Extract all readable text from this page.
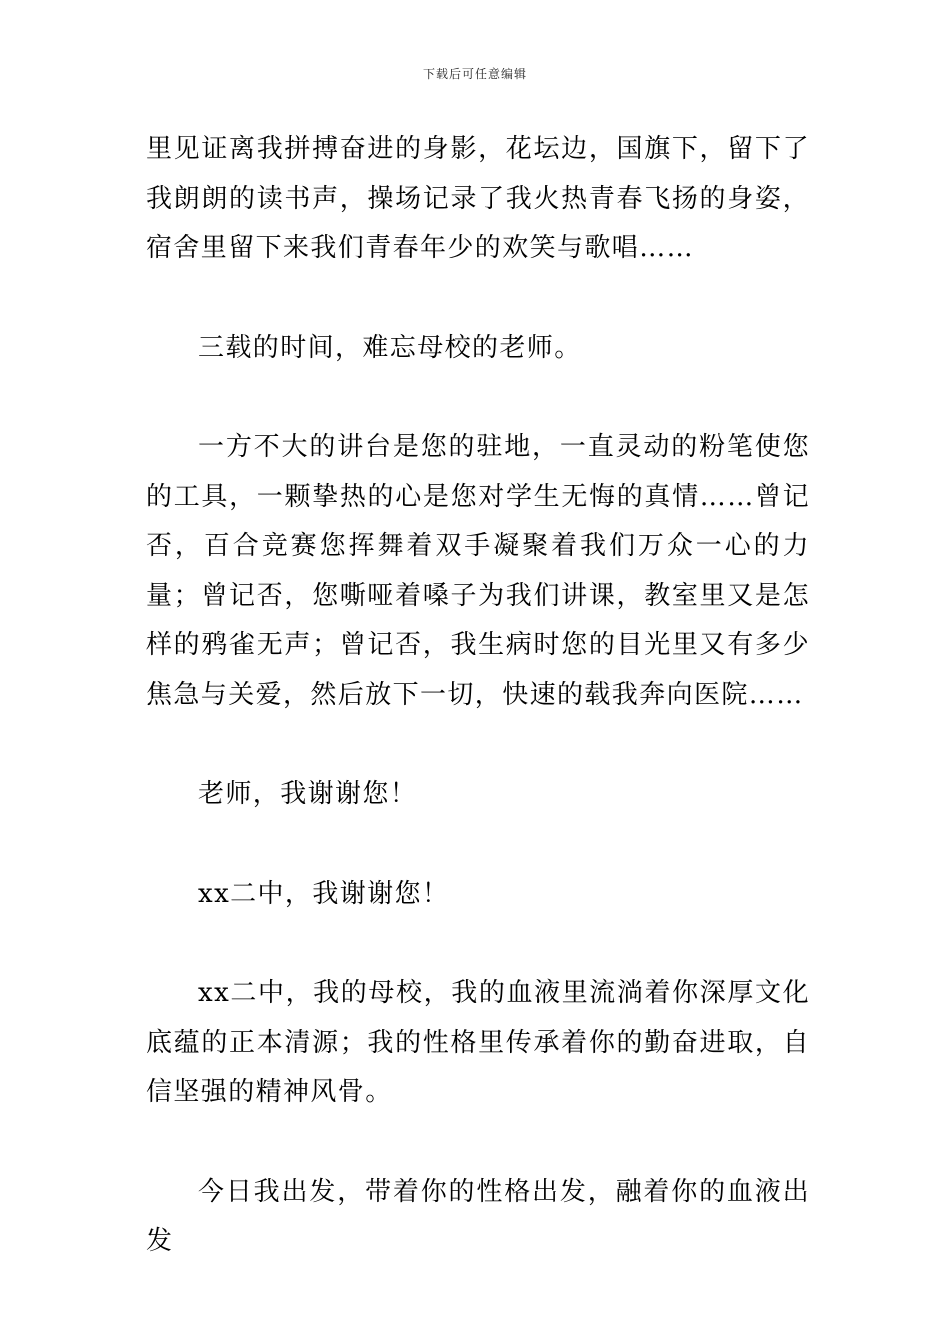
下载后可任意编辑

里见证离我拼搏奋进的身影，花坛边，国旗下，留下了我朗朗的读书声，操场记录了我火热青春飞扬的身姿，宿舍里留下来我们青春年少的欢笑与歌唱……

三载的时间，难忘母校的老师。

一方不大的讲台是您的驻地，一直灵动的粉笔使您的工具，一颗挚热的心是您对学生无悔的真情……曾记否，百合竞赛您挥舞着双手凝聚着我们万众一心的力量；曾记否，您嘶哑着嗓子为我们讲课，教室里又是怎样的鸦雀无声；曾记否，我生病时您的目光里又有多少焦急与关爱，然后放下一切，快速的载我奔向医院……

老师，我谢谢您！

xx二中，我谢谢您！

xx二中，我的母校，我的血液里流淌着你深厚文化底蕴的正本清源；我的性格里传承着你的勤奋进取，自信坚强的精神风骨。

今日我出发，带着你的性格出发，融着你的血液出发
